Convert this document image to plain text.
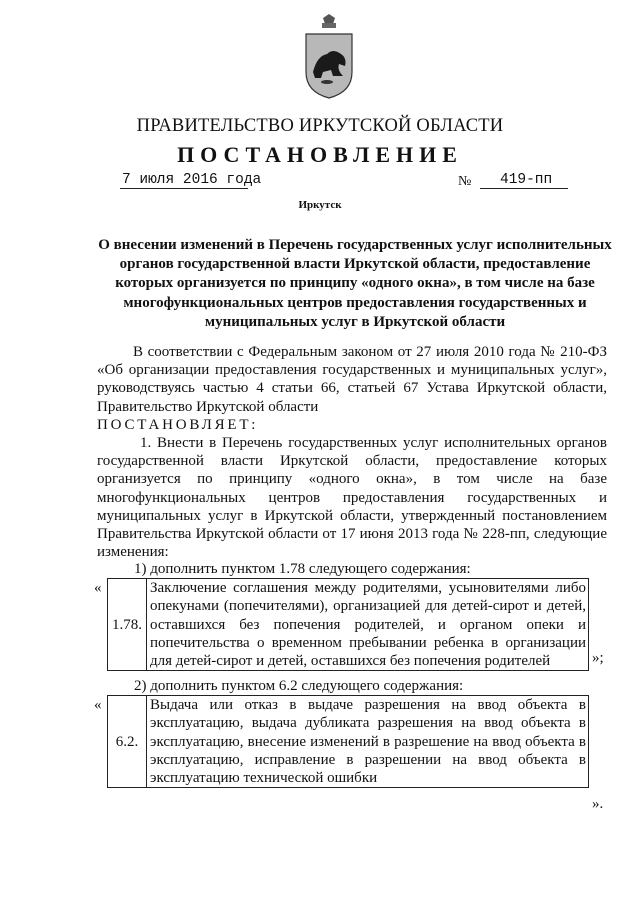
ПРАВИТЕЛЬСТВО ИРКУТСКОЙ ОБЛАСТИ
ПОСТАНОВЛЕНИЕ
7 июля 2016 года	№ 419-пп
Иркутск
О внесении изменений в Перечень государственных услуг исполнительных органов государственной власти Иркутской области, предоставление которых организуется по принципу «одного окна», в том числе на базе многофункциональных центров предоставления государственных и муниципальных услуг в Иркутской области
В соответствии с Федеральным законом от 27 июля 2010 года № 210-ФЗ «Об организации предоставления государственных и муниципальных услуг», руководствуясь частью 4 статьи 66, статьей 67 Устава Иркутской области, Правительство Иркутской области
ПОСТАНОВЛЯЕТ:
1. Внести в Перечень государственных услуг исполнительных органов государственной власти Иркутской области, предоставление которых организуется по принципу «одного окна», в том числе на базе многофункциональных центров предоставления государственных и муниципальных услуг в Иркутской области, утвержденный постановлением Правительства Иркутской области от 17 июня 2013 года № 228-пп, следующие изменения:
1) дополнить пунктом 1.78 следующего содержания:
«
1.78.	Заключение соглашения между родителями, усыновителями либо опекунами (попечителями), организацией для детей-сирот и детей, оставшихся без попечения родителей, и органом опеки и попечительства о временном пребывании ребенка в организации для детей-сирот и детей, оставшихся без попечения родителей	»;
2) дополнить пунктом 6.2 следующего содержания:
«
6.2.	Выдача или отказ в выдаче разрешения на ввод объекта в эксплуатацию, выдача дубликата разрешения на ввод объекта в эксплуатацию, внесение изменений в разрешение на ввод объекта в эксплуатацию, исправление в разрешении на ввод объекта в эксплуатацию технической ошибки
».
